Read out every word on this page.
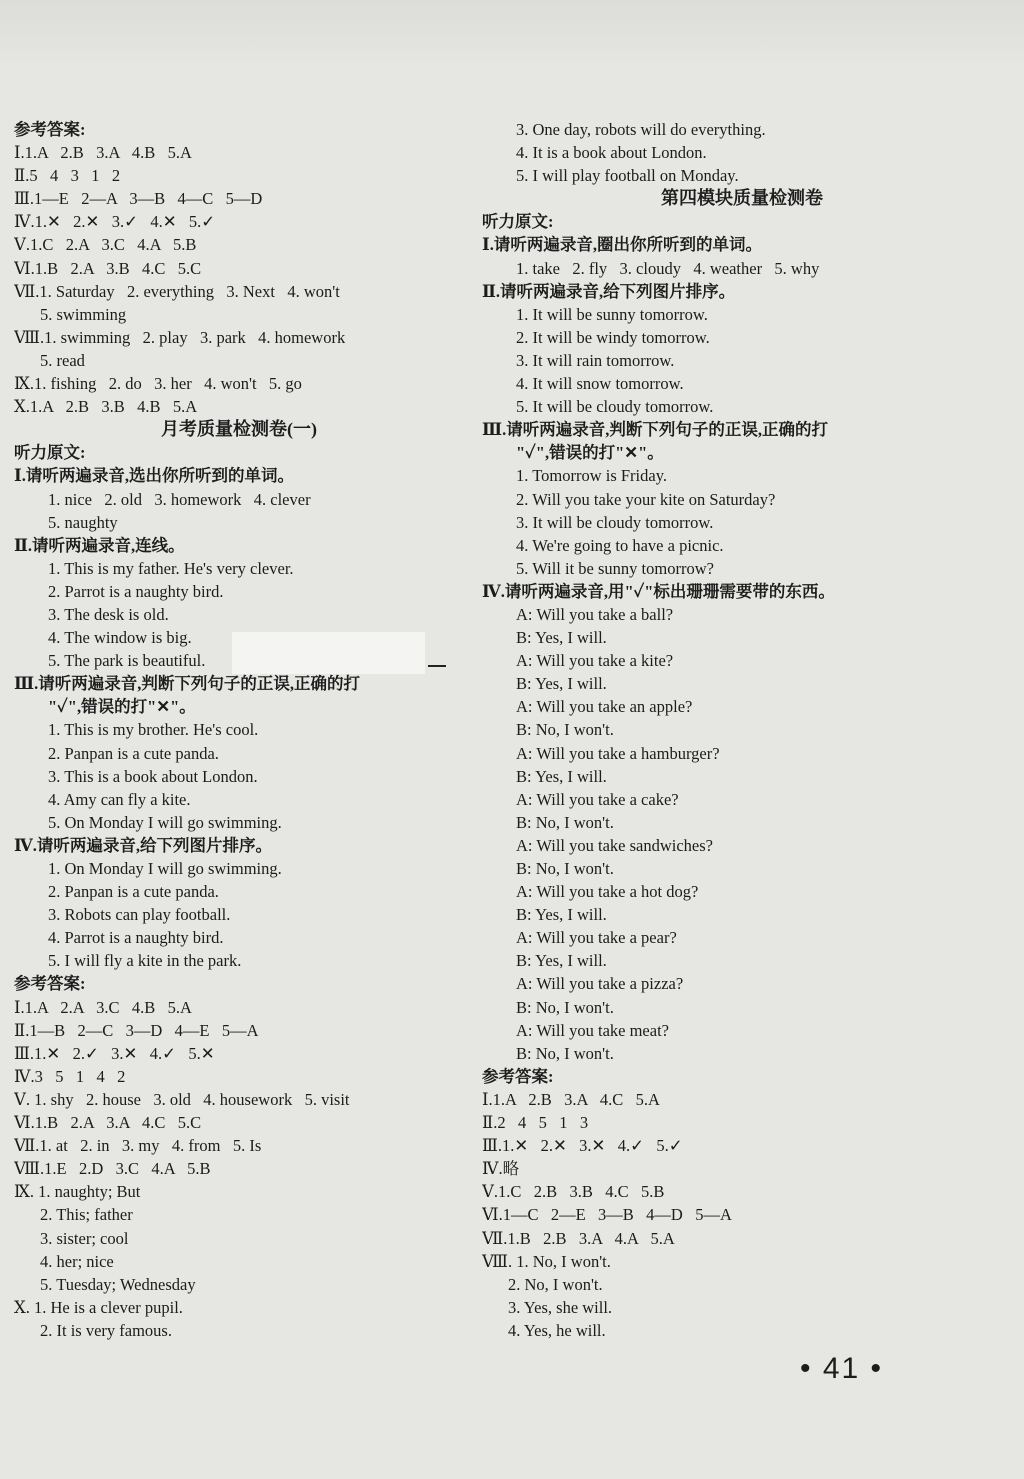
参考答案:
Ⅰ.1.A   2.B   3.A   4.B   5.A
Ⅱ.5   4   3   1   2
Ⅲ.1—E   2—A   3—B   4—C   5—D
Ⅳ.1.✕   2.✕   3.✓   4.✕   5.✓
Ⅴ.1.C   2.A   3.C   4.A   5.B
Ⅵ.1.B   2.A   3.B   4.C   5.C
Ⅶ.1. Saturday   2. everything   3. Next   4. won't
5. swimming
Ⅷ.1. swimming   2. play   3. park   4. homework
5. read
Ⅸ.1. fishing   2. do   3. her   4. won't   5. go
Ⅹ.1.A   2.B   3.B   4.B   5.A
月考质量检测卷(一)
听力原文:
Ⅰ.请听两遍录音,选出你所听到的单词。
1. nice   2. old   3. homework   4. clever
5. naughty
Ⅱ.请听两遍录音,连线。
1. This is my father. He's very clever.
2. Parrot is a naughty bird.
3. The desk is old.
4. The window is big.
5. The park is beautiful.
Ⅲ.请听两遍录音,判断下列句子的正误,正确的打
"✓",错误的打"✕"。
1. This is my brother. He's cool.
2. Panpan is a cute panda.
3. This is a book about London.
4. Amy can fly a kite.
5. On Monday I will go swimming.
Ⅳ.请听两遍录音,给下列图片排序。
1. On Monday I will go swimming.
2. Panpan is a cute panda.
3. Robots can play football.
4. Parrot is a naughty bird.
5. I will fly a kite in the park.
参考答案:
Ⅰ.1.A   2.A   3.C   4.B   5.A
Ⅱ.1—B   2—C   3—D   4—E   5—A
Ⅲ.1.✕   2.✓   3.✕   4.✓   5.✕
Ⅳ.3   5   1   4   2
Ⅴ. 1. shy   2. house   3. old   4. housework   5. visit
Ⅵ.1.B   2.A   3.A   4.C   5.C
Ⅶ.1. at   2. in   3. my   4. from   5. Is
Ⅷ.1.E   2.D   3.C   4.A   5.B
Ⅸ. 1. naughty; But
2. This; father
3. sister; cool
4. her; nice
5. Tuesday; Wednesday
Ⅹ. 1. He is a clever pupil.
2. It is very famous.
3. One day, robots will do everything.
4. It is a book about London.
5. I will play football on Monday.
第四模块质量检测卷
听力原文:
Ⅰ.请听两遍录音,圈出你所听到的单词。
1. take   2. fly   3. cloudy   4. weather   5. why
Ⅱ.请听两遍录音,给下列图片排序。
1. It will be sunny tomorrow.
2. It will be windy tomorrow.
3. It will rain tomorrow.
4. It will snow tomorrow.
5. It will be cloudy tomorrow.
Ⅲ.请听两遍录音,判断下列句子的正误,正确的打
"✓",错误的打"✕"。
1. Tomorrow is Friday.
2. Will you take your kite on Saturday?
3. It will be cloudy tomorrow.
4. We're going to have a picnic.
5. Will it be sunny tomorrow?
Ⅳ.请听两遍录音,用"✓"标出珊珊需要带的东西。
A: Will you take a ball?
B: Yes, I will.
A: Will you take a kite?
B: Yes, I will.
A: Will you take an apple?
B: No, I won't.
A: Will you take a hamburger?
B: Yes, I will.
A: Will you take a cake?
B: No, I won't.
A: Will you take sandwiches?
B: No, I won't.
A: Will you take a hot dog?
B: Yes, I will.
A: Will you take a pear?
B: Yes, I will.
A: Will you take a pizza?
B: No, I won't.
A: Will you take meat?
B: No, I won't.
参考答案:
Ⅰ.1.A   2.B   3.A   4.C   5.A
Ⅱ.2   4   5   1   3
Ⅲ.1.✕   2.✕   3.✕   4.✓   5.✓
Ⅳ.略
Ⅴ.1.C   2.B   3.B   4.C   5.B
Ⅵ.1—C   2—E   3—B   4—D   5—A
Ⅶ.1.B   2.B   3.A   4.A   5.A
Ⅷ. 1. No, I won't.
2. No, I won't.
3. Yes, she will.
4. Yes, he will.
• 41 •
